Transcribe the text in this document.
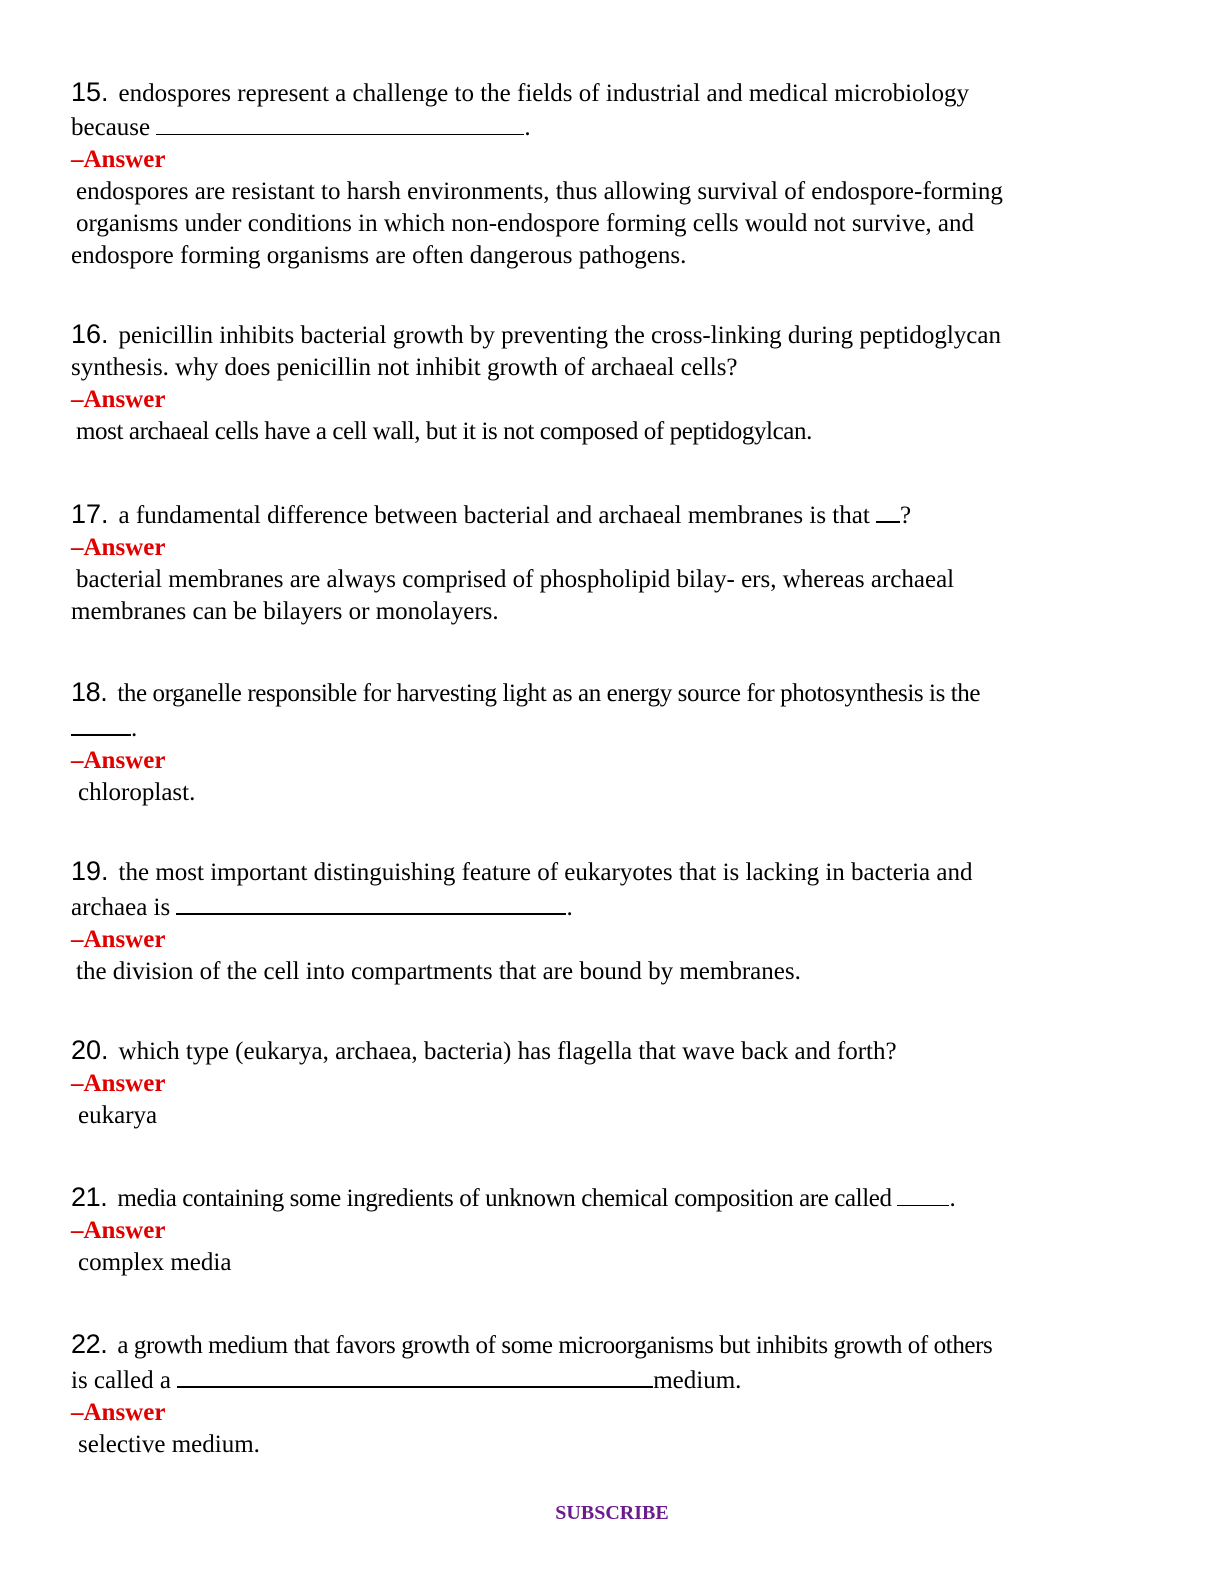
15. endospores represent a challenge to the fields of industrial and medical microbiology
because	.
–Answer
endospores are resistant to harsh environments, thus allowing survival of endospore-forming
organisms under conditions in which non-endospore forming cells would not survive, and
endospore forming organisms are often dangerous pathogens.
16. penicillin inhibits bacterial growth by preventing the cross-linking during peptidoglycan
synthesis. why does penicillin not inhibit growth of archaeal cells?
–Answer
most archaeal cells have a cell wall, but it is not composed of peptidogylcan.
17. a fundamental difference between bacterial and archaeal membranes is that ?
–Answer
bacterial membranes are always comprised of phospholipid bilay- ers, whereas archaeal
membranes can be bilayers or monolayers.
18. the organelle responsible for harvesting light as an energy source for photosynthesis is the
.
–Answer
chloroplast.
19. the most important distinguishing feature of eukaryotes that is lacking in bacteria and
archaea is	.
–Answer
the division of the cell into compartments that are bound by membranes.
20. which type (eukarya, archaea, bacteria) has flagella that wave back and forth?
–Answer
eukarya
21. media containing some ingredients of unknown chemical composition are called .
–Answer
complex media
22. a growth medium that favors growth of some microorganisms but inhibits growth of others
is called a	medium.
–Answer
selective medium.
SUBSCRIBE
